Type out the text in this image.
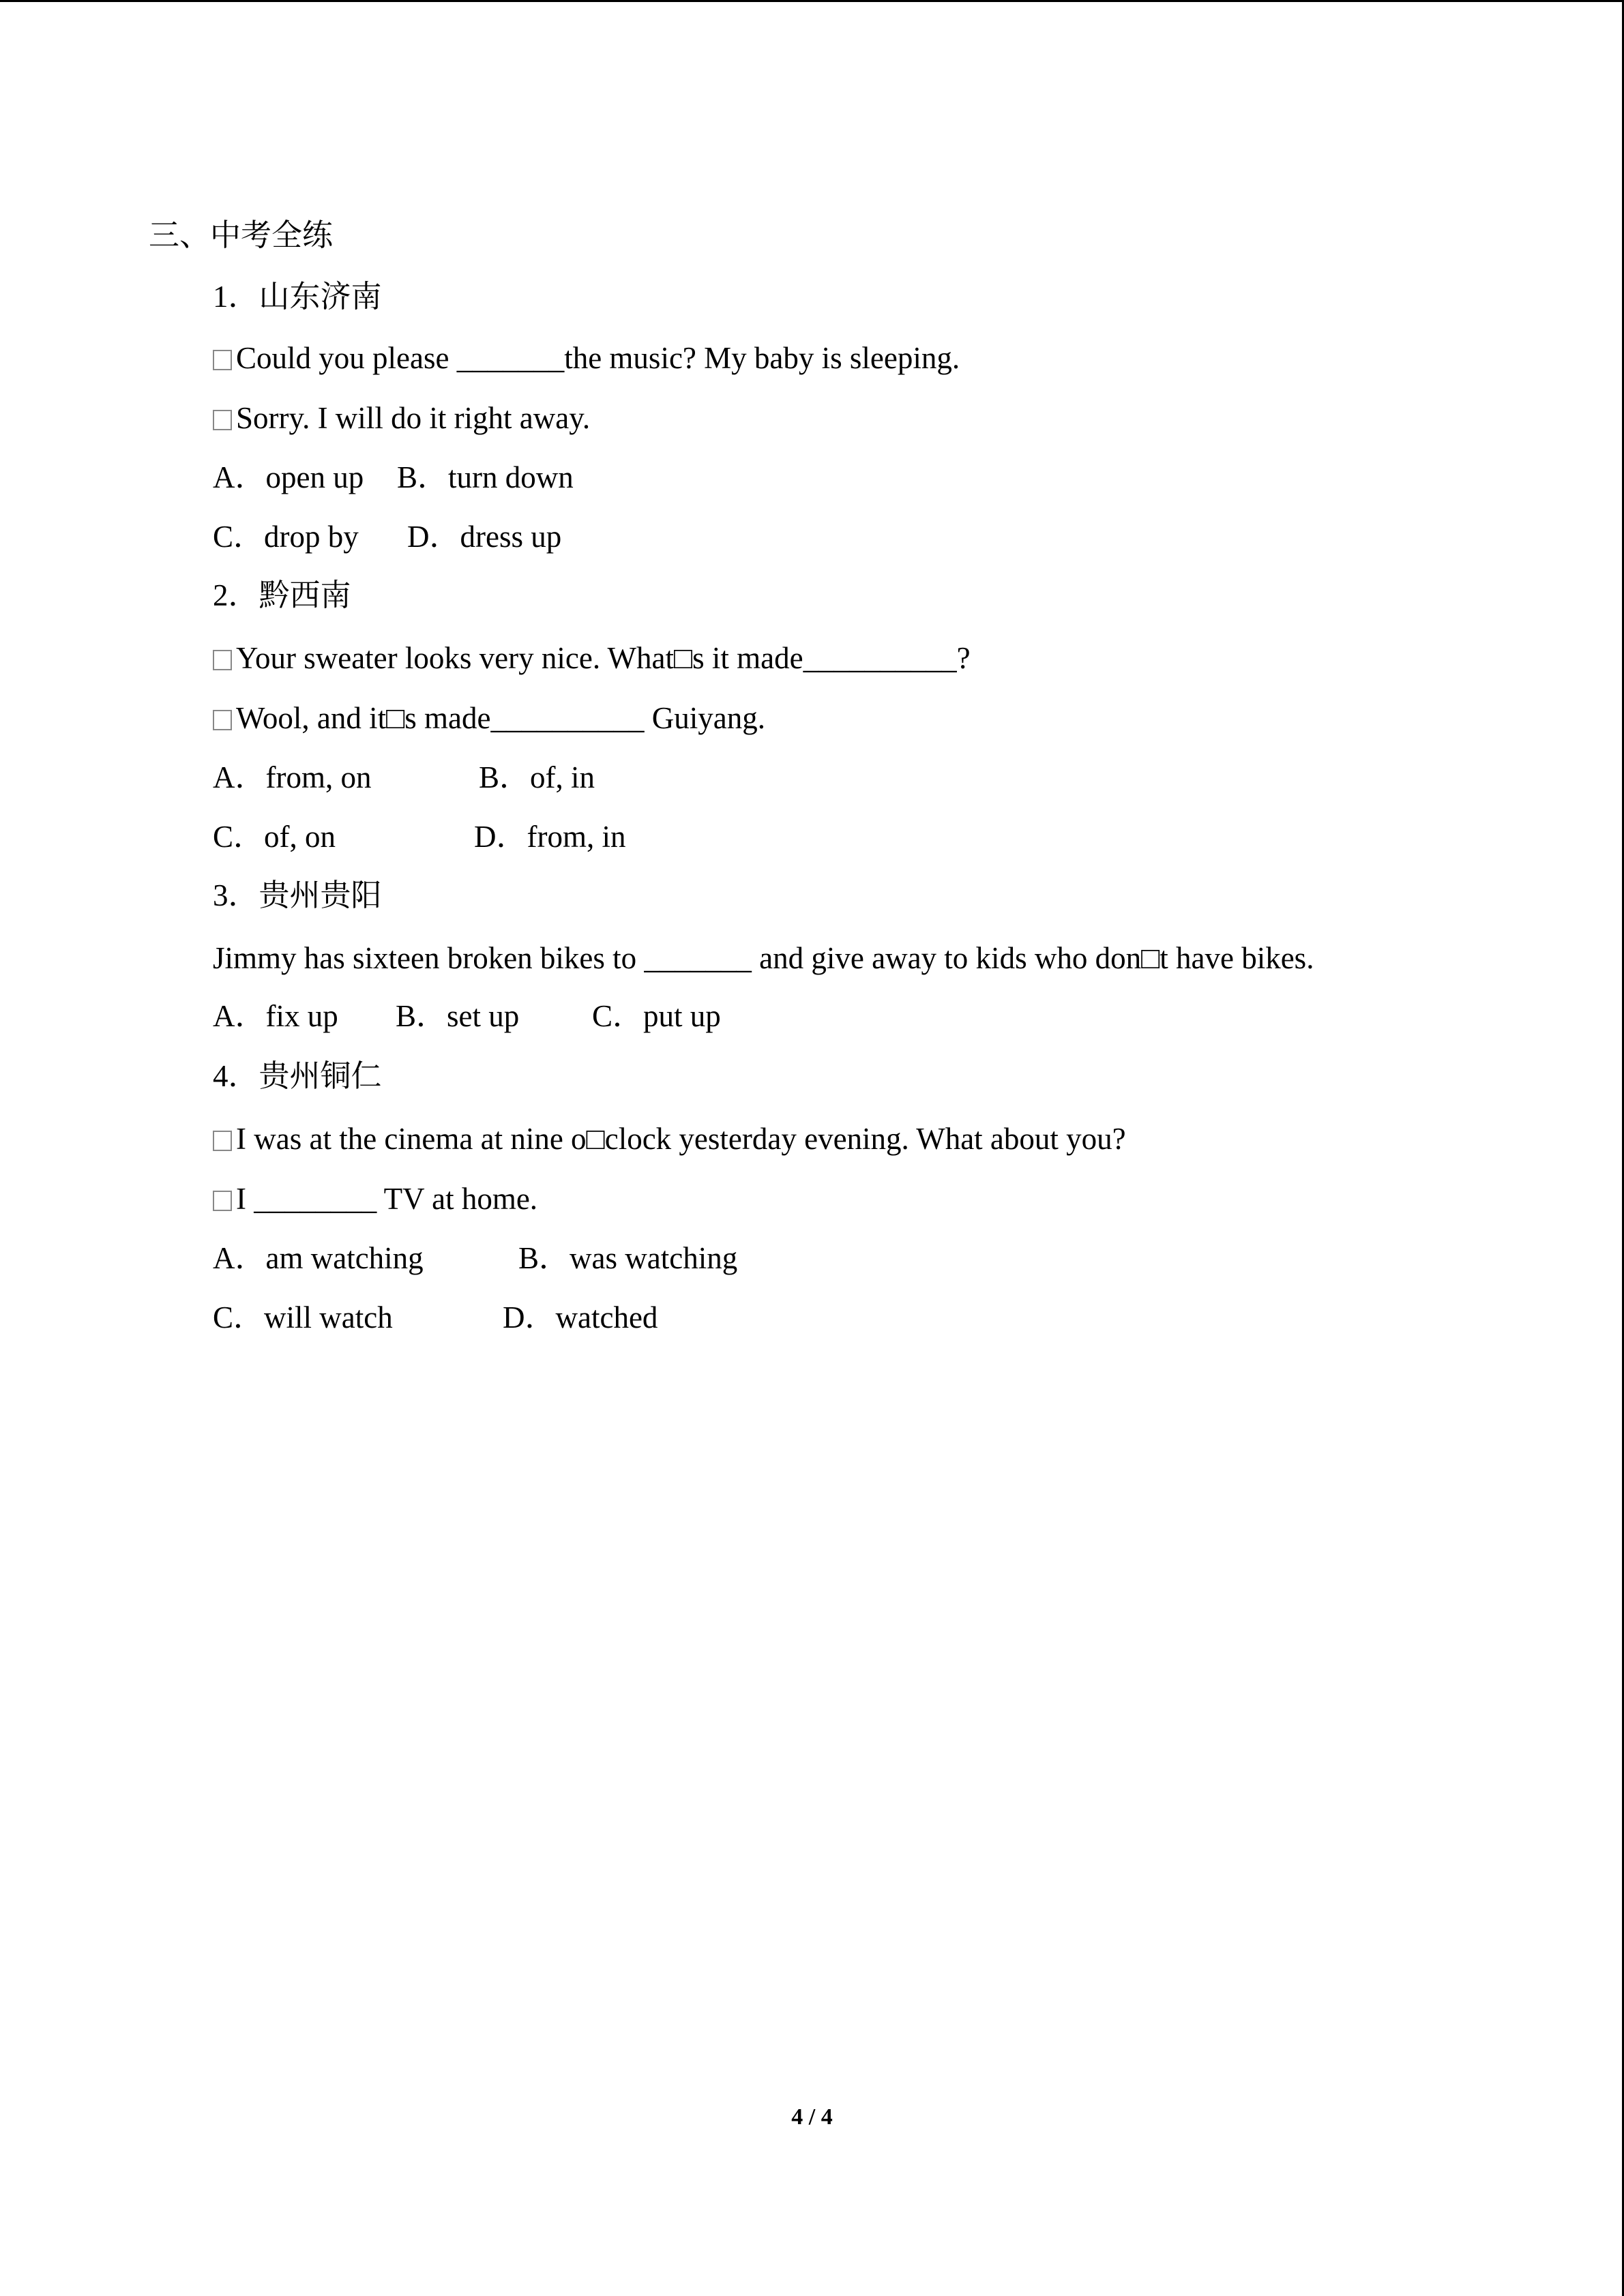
三、中考全练
1．山东济南
Could you please _______the music? My baby is sleeping.
Sorry. I will do it right away.
A．open up B．turn down
C．drop by D．dress up
2．黔西南
Your sweater looks very nice. What□s it made__________?
Wool, and it□s made__________ Guiyang.
A．from, on	B．of, in
C．of, on	D．from, in
3．贵州贵阳
Jimmy has sixteen broken bikes to _______ and give away to kids who don□t have bikes.
A．fix up B．set up C．put up
4．贵州铜仁
I was at the cinema at nine o□clock yesterday evening. What about you?
I ________ TV at home.
A．am watching	B．was watching
C．will watch	D．watched
4 / 4
